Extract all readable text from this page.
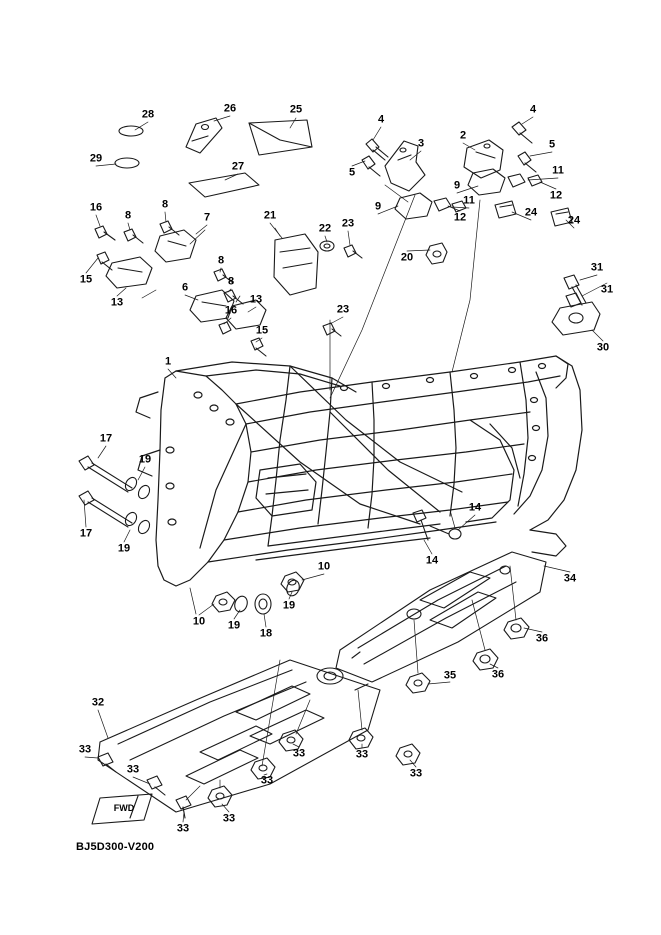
28	26	25
4
4
2
3	5
5	11
9
12
29
27
24
24
16
8
8
7	21
22 23
9	11
12
20
31
31
8
15
13
6	8
13
16	23
15
30
1
17
19
17
19
14
14
34
10
19
10 19
18	36
36
35
32
33
33
33	33
33
33
33
33
FWD
BJ5D300-V200
